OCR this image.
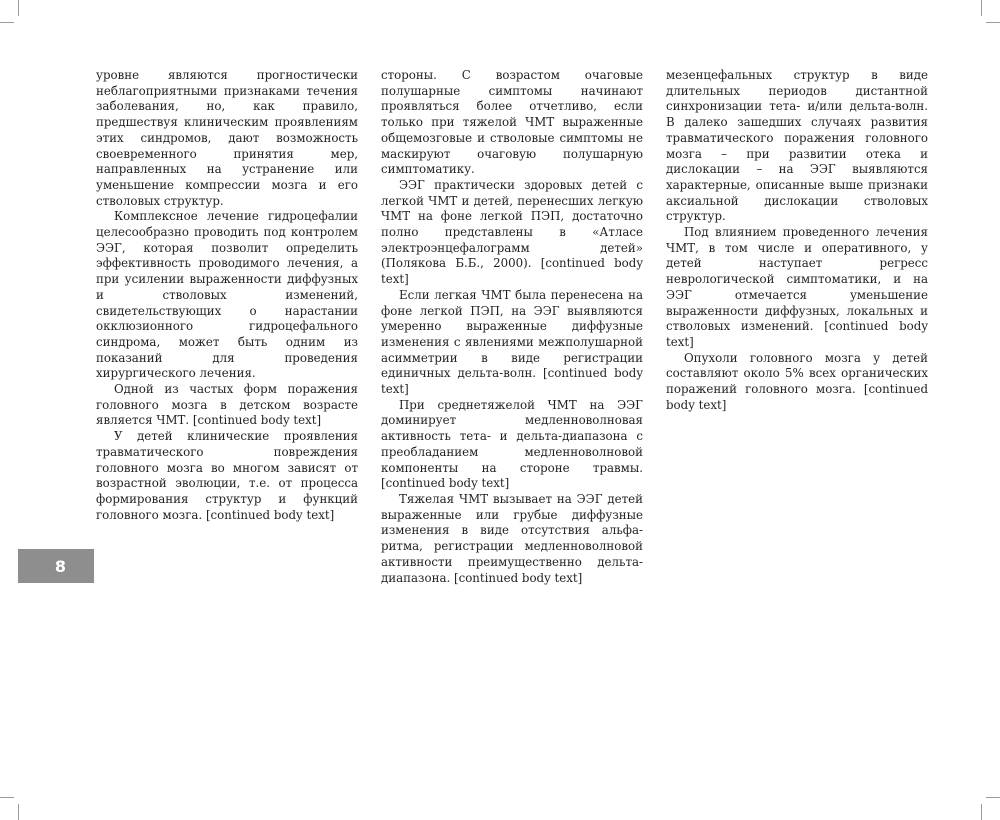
8

уровне являются прогностически неблагоприятными признаками течения заболевания, но, как правило, предшествуя клиническим проявлениям этих синдромов, дают возможность своевременного принятия мер, направленных на устранение или уменьшение компрессии мозга и его стволовых структур.

Комплексное лечение гидроцефалии целесообразно проводить под контролем ЭЭГ, которая позволит определить эффективность проводимого лечения, а при усилении выраженности диффузных и стволовых изменений, свидетельствующих о нарастании окклюзионного гидроцефального синдрома, может быть одним из показаний для проведения хирургического лечения.

Одной из частых форм поражения головного мозга в детском возрасте является ЧМТ. [continued body text]

У детей клинические проявления травматического повреждения головного мозга во многом зависят от возрастной эволюции, т.е. от процесса формирования структур и функций головного мозга. [continued body text]

стороны. С возрастом очаговые полушарные симптомы начинают проявляться более отчетливо, если только при тяжелой ЧМТ выраженные общемозговые и стволовые симптомы не маскируют очаговую полушарную симптоматику.

ЭЭГ практически здоровых детей с легкой ЧМТ и детей, перенесших легкую ЧМТ на фоне легкой ПЭП, достаточно полно представлены в «Атласе электроэнцефалограмм детей» (Полякова Б.Б., 2000). [continued body text]

Если легкая ЧМТ была перенесена на фоне легкой ПЭП, на ЭЭГ выявляются умеренно выраженные диффузные изменения с явлениями межполушарной асимметрии в виде регистрации единичных дельта-волн. [continued body text]

При среднетяжелой ЧМТ на ЭЭГ доминирует медленноволновая активность тета- и дельта-диапазона с преобладанием медленноволновой компоненты на стороне травмы. [continued body text]

Тяжелая ЧМТ вызывает на ЭЭГ детей выраженные или грубые диффузные изменения в виде отсутствия альфа-ритма, регистрации медленноволновой активности преимущественно дельта-диапазона. [continued body text]

мезенцефальных структур в виде длительных периодов дистантной синхронизации тета- и/или дельта-волн. В далеко зашедших случаях развития травматического поражения головного мозга – при развитии отека и дислокации – на ЭЭГ выявляются характерные, описанные выше признаки аксиальной дислокации стволовых структур.

Под влиянием проведенного лечения ЧМТ, в том числе и оперативного, у детей наступает регресс неврологической симптоматики, и на ЭЭГ отмечается уменьшение выраженности диффузных, локальных и стволовых изменений. [continued body text]

Опухоли головного мозга у детей составляют около 5% всех органических поражений головного мозга. [continued body text]
